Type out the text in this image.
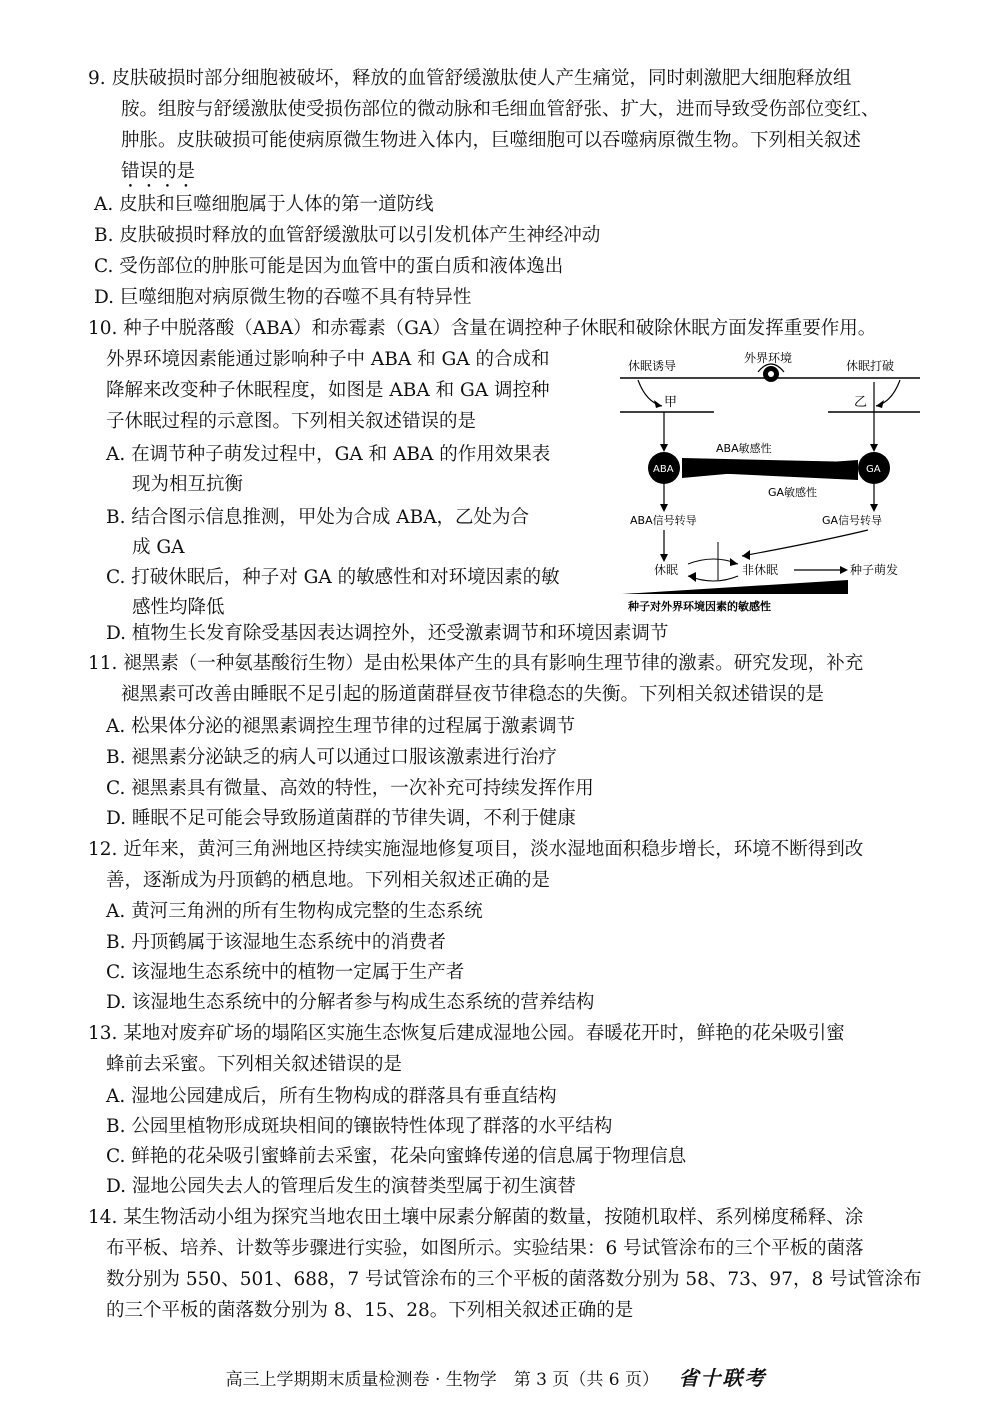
9. 皮肤破损时部分细胞被破坏，释放的血管舒缓激肽使人产生痛觉，同时刺激肥大细胞释放组
胺。组胺与舒缓激肽使受损伤部位的微动脉和毛细血管舒张、扩大，进而导致受伤部位变红、
肿胀。皮肤破损可能使病原微生物进入体内，巨噬细胞可以吞噬病原微生物。下列相关叙述
错误的是
A. 皮肤和巨噬细胞属于人体的第一道防线
B. 皮肤破损时释放的血管舒缓激肽可以引发机体产生神经冲动
C. 受伤部位的肿胀可能是因为血管中的蛋白质和液体逸出
D. 巨噬细胞对病原微生物的吞噬不具有特异性
10. 种子中脱落酸（ABA）和赤霉素（GA）含量在调控种子休眠和破除休眠方面发挥重要作用。
外界环境因素能通过影响种子中 ABA 和 GA 的合成和
降解来改变种子休眠程度，如图是 ABA 和 GA 调控种
子休眠过程的示意图。下列相关叙述错误的是
A. 在调节种子萌发过程中，GA 和 ABA 的作用效果表
现为相互抗衡
B. 结合图示信息推测，甲处为合成 ABA，乙处为合
成 GA
C. 打破休眠后，种子对 GA 的敏感性和对环境因素的敏
感性均降低
D. 植物生长发育除受基因表达调控外，还受激素调节和环境因素调节
休眠诱导
外界环境
休眠打破
甲	乙
ABA	GA
ABA敏感性
GA敏感性
ABA信号转导	GA信号转导
休眠	非休眠	种子萌发
种子对外界环境因素的敏感性
11. 褪黑素（一种氨基酸衍生物）是由松果体产生的具有影响生理节律的激素。研究发现，补充
褪黑素可改善由睡眠不足引起的肠道菌群昼夜节律稳态的失衡。下列相关叙述错误的是
A. 松果体分泌的褪黑素调控生理节律的过程属于激素调节
B. 褪黑素分泌缺乏的病人可以通过口服该激素进行治疗
C. 褪黑素具有微量、高效的特性，一次补充可持续发挥作用
D. 睡眠不足可能会导致肠道菌群的节律失调，不利于健康
12. 近年来，黄河三角洲地区持续实施湿地修复项目，淡水湿地面积稳步增长，环境不断得到改
善，逐渐成为丹顶鹤的栖息地。下列相关叙述正确的是
A. 黄河三角洲的所有生物构成完整的生态系统
B. 丹顶鹤属于该湿地生态系统中的消费者
C. 该湿地生态系统中的植物一定属于生产者
D. 该湿地生态系统中的分解者参与构成生态系统的营养结构
13. 某地对废弃矿场的塌陷区实施生态恢复后建成湿地公园。春暖花开时，鲜艳的花朵吸引蜜
蜂前去采蜜。下列相关叙述错误的是
A. 湿地公园建成后，所有生物构成的群落具有垂直结构
B. 公园里植物形成斑块相间的镶嵌特性体现了群落的水平结构
C. 鲜艳的花朵吸引蜜蜂前去采蜜，花朵向蜜蜂传递的信息属于物理信息
D. 湿地公园失去人的管理后发生的演替类型属于初生演替
14. 某生物活动小组为探究当地农田土壤中尿素分解菌的数量，按随机取样、系列梯度稀释、涂
布平板、培养、计数等步骤进行实验，如图所示。实验结果：6 号试管涂布的三个平板的菌落
数分别为 550、501、688，7 号试管涂布的三个平板的菌落数分别为 58、73、97，8 号试管涂布
的三个平板的菌落数分别为 8、15、28。下列相关叙述正确的是
高三上学期期末质量检测卷 · 生物学　第 3 页（共 6 页） 省十联考
